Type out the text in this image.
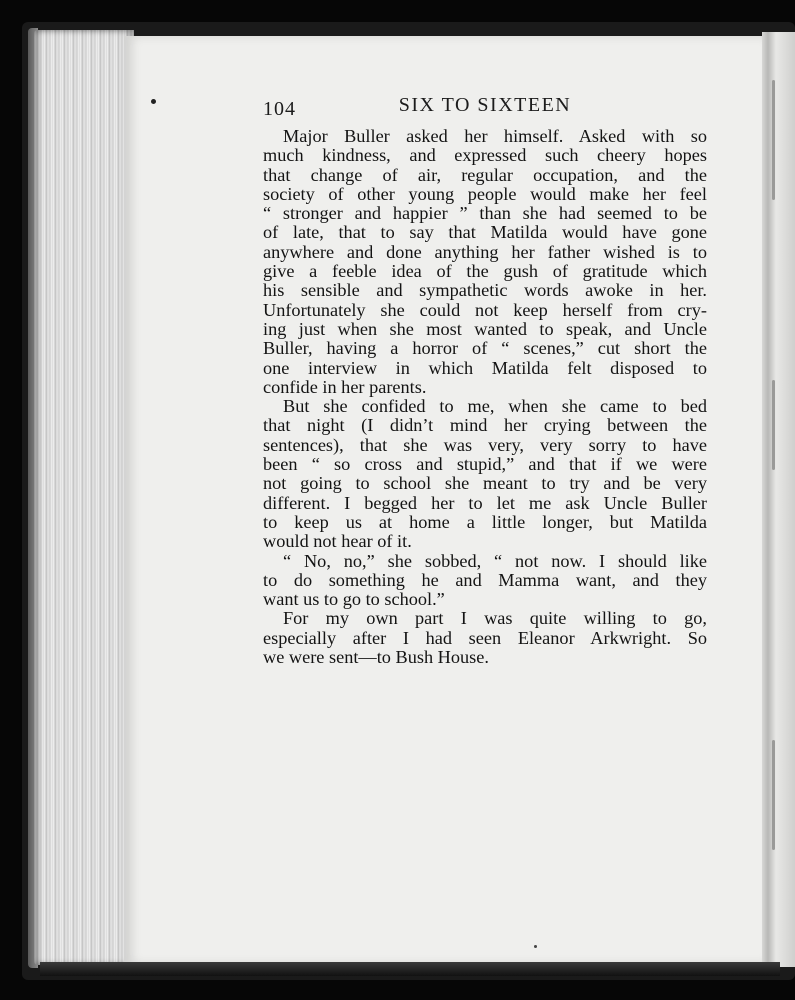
104	SIX TO SIXTEEN
Major Buller asked her himself. Asked with so
much kindness, and expressed such cheery hopes
that change of air, regular occupation, and the
society of other young people would make her feel
“ stronger and happier ” than she had seemed to be
of late, that to say that Matilda would have gone
anywhere and done anything her father wished is to
give a feeble idea of the gush of gratitude which
his sensible and sympathetic words awoke in her.
Unfortunately she could not keep herself from cry-
ing just when she most wanted to speak, and Uncle
Buller, having a horror of “ scenes,” cut short the
one interview in which Matilda felt disposed to
confide in her parents.
But she confided to me, when she came to bed
that night (I didn’t mind her crying between the
sentences), that she was very, very sorry to have
been “ so cross and stupid,” and that if we were
not going to school she meant to try and be very
different. I begged her to let me ask Uncle Buller
to keep us at home a little longer, but Matilda
would not hear of it.
“ No, no,” she sobbed, “ not now. I should like
to do something he and Mamma want, and they
want us to go to school.”
For my own part I was quite willing to go,
especially after I had seen Eleanor Arkwright. So
we were sent—to Bush House.
